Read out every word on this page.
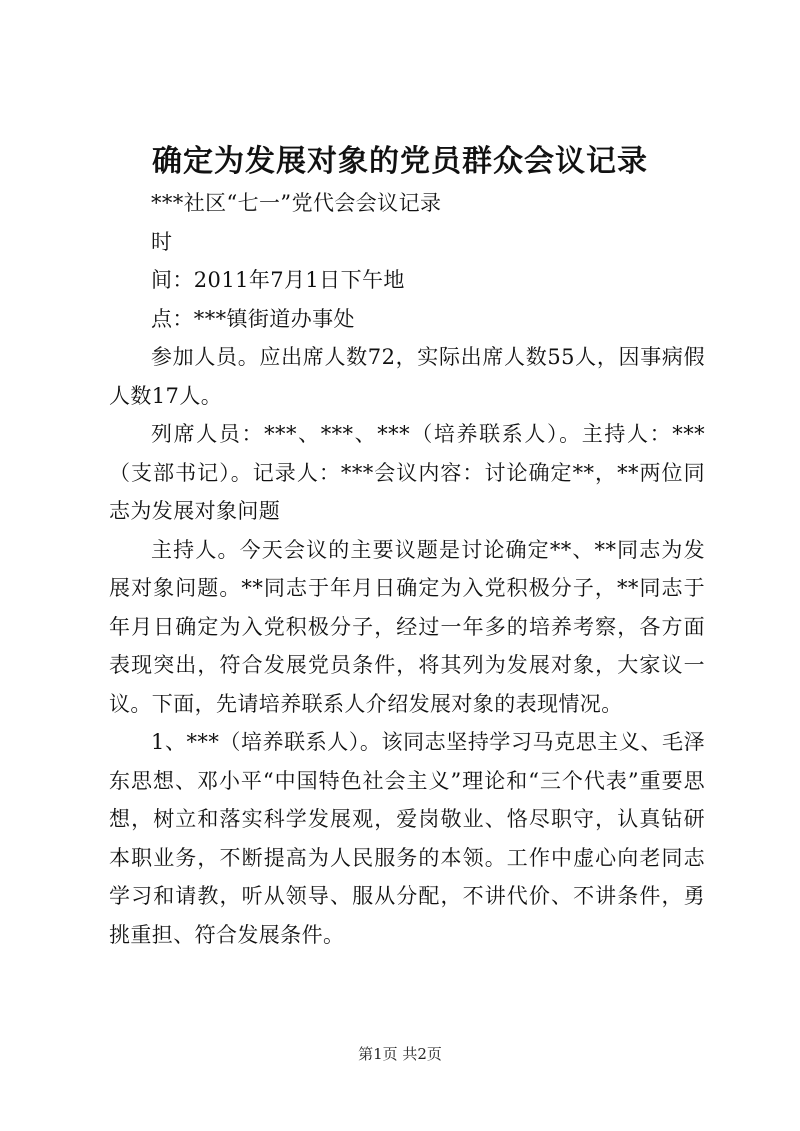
确定为发展对象的党员群众会议记录

***社区“七一”党代会会议记录

时

间：2011年7月1日下午地

点：***镇街道办事处

参加人员。应出席人数72，实际出席人数55人，因事病假人数17人。

列席人员：***、***、***（培养联系人）。主持人：***（支部书记）。记录人：***会议内容：讨论确定**，**两位同志为发展对象问题

主持人。今天会议的主要议题是讨论确定**、**同志为发展对象问题。**同志于年月日确定为入党积极分子，**同志于年月日确定为入党积极分子，经过一年多的培养考察，各方面表现突出，符合发展党员条件，将其列为发展对象，大家议一议。下面，先请培养联系人介绍发展对象的表现情况。

1、***（培养联系人）。该同志坚持学习马克思主义、毛泽东思想、邓小平“中国特色社会主义”理论和“三个代表”重要思想，树立和落实科学发展观，爱岗敬业、恪尽职守，认真钻研本职业务，不断提高为人民服务的本领。工作中虚心向老同志学习和请教，听从领导、服从分配，不讲代价、不讲条件，勇挑重担、符合发展条件。

第1页 共2页
